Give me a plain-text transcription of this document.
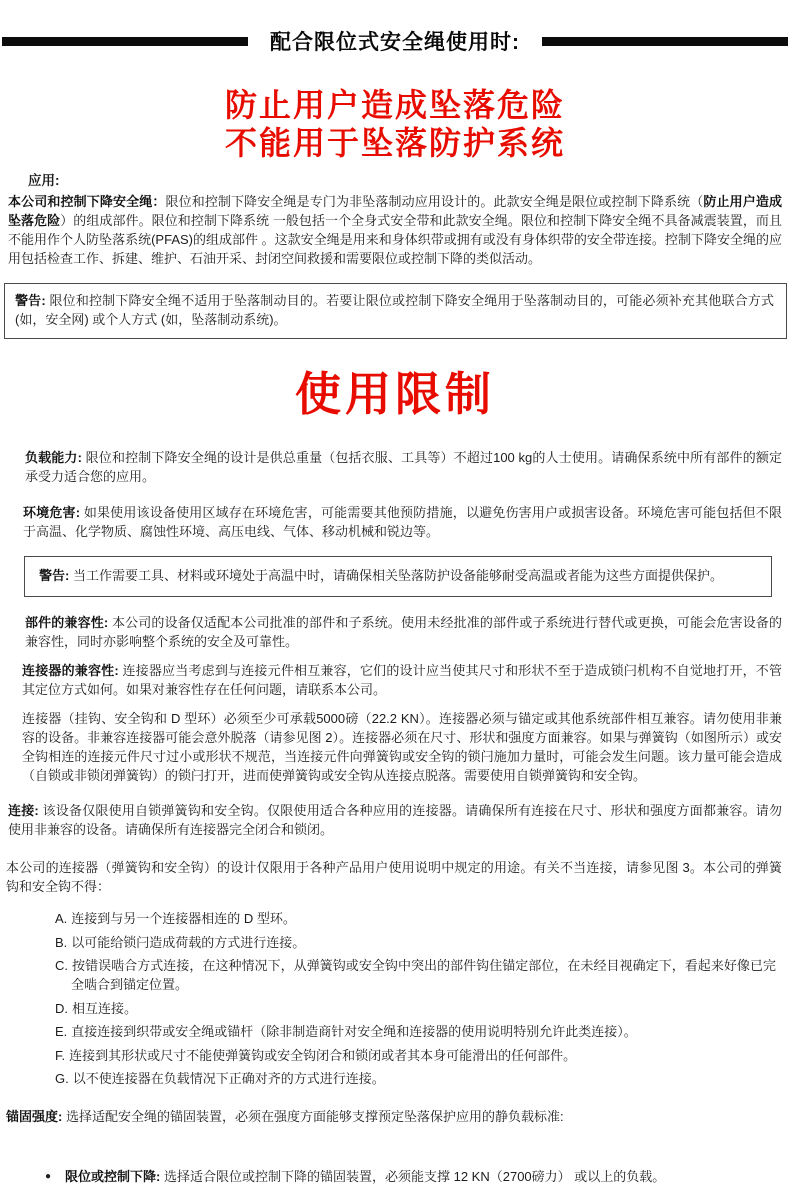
配合限位式安全绳使用时:
防止用户造成坠落危险
不能用于坠落防护系统
应用:
本公司和控制下降安全绳：限位和控制下降安全绳是专门为非坠落制动应用设计的。此款安全绳是限位或控制下降系统（防止用户造成坠落危险）的组成部件。限位和控制下降系统 一般包括一个全身式安全带和此款安全绳。限位和控制下降安全绳不具备减震装置，而且不能用作个人防坠落系统(PFAS)的组成部件 。这款安全绳是用来和身体织带或拥有或没有身体织带的安全带连接。控制下降安全绳的应用包括检查工作、拆建、维护、石油开采、封闭空间救援和需要限位或控制下降的类似活动。
警告: 限位和控制下降安全绳不适用于坠落制动目的。若要让限位或控制下降安全绳用于坠落制动目的，可能必须补充其他联合方式 (如，安全网) 或个人方式 (如，坠落制动系统)。
使用限制
负载能力: 限位和控制下降安全绳的设计是供总重量（包括衣服、工具等）不超过100 kg的人士使用。请确保系统中所有部件的额定承受力适合您的应用。
环境危害: 如果使用该设备使用区域存在环境危害，可能需要其他预防措施，以避免伤害用户或损害设备。环境危害可能包括但不限于高温、化学物质、腐蚀性环境、高压电线、气体、移动机械和锐边等。
警告: 当工作需要工具、材料或环境处于高温中时，请确保相关坠落防护设备能够耐受高温或者能为这些方面提供保护。
部件的兼容性: 本公司的设备仅适配本公司批准的部件和子系统。使用未经批准的部件或子系统进行替代或更换，可能会危害设备的兼容性，同时亦影响整个系统的安全及可靠性。
连接器的兼容性: 连接器应当考虑到与连接元件相互兼容，它们的设计应当使其尺寸和形状不至于造成锁闩机构不自觉地打开，不管其定位方式如何。如果对兼容性存在任何问题，请联系本公司。
连接器（挂钩、安全钩和 D 型环）必须至少可承载5000磅（22.2 KN）。连接器必须与锚定或其他系统部件相互兼容。请勿使用非兼容的设备。非兼容连接器可能会意外脱落（请参见图 2）。连接器必须在尺寸、形状和强度方面兼容。如果与弹簧钩（如图所示）或安全钩相连的连接元件尺寸过小或形状不规范，当连接元件向弹簧钩或安全钩的锁闩施加力量时，可能会发生问题。该力量可能会造成（自锁或非锁闭弹簧钩）的锁闩打开，进而使弹簧钩或安全钩从连接点脱落。需要使用自锁弹簧钩和安全钩。
连接: 该设备仅限使用自锁弹簧钩和安全钩。仅限使用适合各种应用的连接器。请确保所有连接在尺寸、形状和强度方面都兼容。请勿使用非兼容的设备。请确保所有连接器完全闭合和锁闭。
本公司的连接器（弹簧钩和安全钩）的设计仅限用于各种产品用户使用说明中规定的用途。有关不当连接，请参见图 3。本公司的弹簧钩和安全钩不得：
A. 连接到与另一个连接器相连的 D 型环。
B. 以可能给锁闩造成荷载的方式进行连接。
C. 按错误啮合方式连接，在这种情况下，从弹簧钩或安全钩中突出的部件钩住锚定部位，在未经目视确定下，看起来好像已完全啮合到锚定位置。
D. 相互连接。
E. 直接连接到织带或安全绳或锚杆（除非制造商针对安全绳和连接器的使用说明特别允许此类连接）。
F. 连接到其形状或尺寸不能使弹簧钩或安全钩闭合和锁闭或者其本身可能滑出的任何部件。
G. 以不使连接器在负载情况下正确对齐的方式进行连接。
锚固强度: 选择适配安全绳的锚固装置，必须在强度方面能够支撑预定坠落保护应用的静负载标准:
● 限位或控制下降: 选择适合限位或控制下降的锚固装置，必须能支撑 12 KN（2700磅力） 或以上的负载。
